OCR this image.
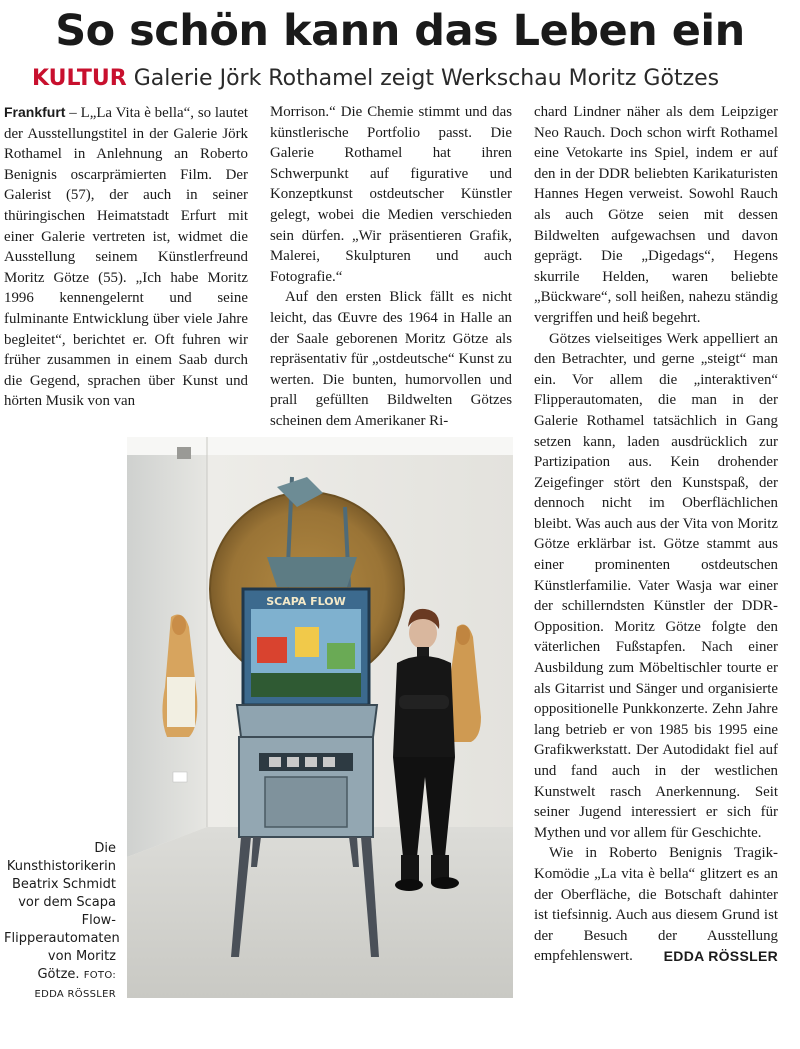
So schön kann das Leben ein
KULTUR Galerie Jörk Rothamel zeigt Werkschau Moritz Götzes

Frankfurt – L„La Vita è bella“, so lautet der Ausstellungstitel in der Galerie Jörk Rothamel in Anlehnung an Roberto Benignis oscarprämierten Film. Der Galerist (57), der auch in seiner thüringischen Heimatstadt Erfurt mit einer Galerie vertreten ist, widmet die Ausstellung seinem Künstlerfreund Moritz Götze (55). „Ich habe Moritz 1996 kennengelernt und seine fulminante Entwicklung über viele Jahre begleitet“, berichtet er. Oft fuhren wir früher zusammen in einem Saab durch die Gegend, sprachen über Kunst und hörten Musik von van

Morrison.“ Die Chemie stimmt und das künstlerische Portfolio passt. Die Galerie Rothamel hat ihren Schwerpunkt auf figurative und Konzeptkunst ostdeutscher Künstler gelegt, wobei die Medien verschieden sein dürfen. „Wir präsentieren Grafik, Malerei, Skulpturen und auch Fotografie.“

Auf den ersten Blick fällt es nicht leicht, das Œuvre des 1964 in Halle an der Saale geborenen Moritz Götze als repräsentativ für „ostdeutsche“ Kunst zu werten. Die bunten, humorvollen und prall gefüllten Bildwelten Götzes scheinen dem Amerikaner Ri-

chard Lindner näher als dem Leipziger Neo Rauch. Doch schon wirft Rothamel eine Vetokarte ins Spiel, indem er auf den in der DDR beliebten Karikaturisten Hannes Hegen verweist. Sowohl Rauch als auch Götze seien mit dessen Bildwelten aufgewachsen und davon geprägt. Die „Digedags“, Hegens skurrile Helden, waren beliebte „Bückware“, soll heißen, nahezu ständig vergriffen und heiß begehrt.

Götzes vielseitiges Werk appelliert an den Betrachter, und gerne „steigt“ man ein. Vor allem die „interaktiven“ Flipperautomaten, die man in der Galerie Rothamel tatsächlich in Gang setzen kann, laden ausdrücklich zur Partizipation aus. Kein drohender Zeigefinger stört den Kunstspaß, der dennoch nicht im Oberflächlichen bleibt. Was auch aus der Vita von Moritz Götze erklärbar ist. Götze stammt aus einer prominenten ostdeutschen Künstlerfamilie. Vater Wasja war einer der schillerndsten Künstler der DDR-Opposition. Moritz Götze folgte den väterlichen Fußstapfen. Nach einer Ausbildung zum Möbeltischler tourte er als Gitarrist und Sänger und organisierte oppositionelle Punkkonzerte. Zehn Jahre lang betrieb er von 1985 bis 1995 eine Grafikwerkstatt. Der Autodidakt fiel auf und fand auch in der westlichen Kunstwelt rasch Anerkennung. Seit seiner Jugend interessiert er sich für Mythen und vor allem für Geschichte.

Wie in Roberto Benignis Tragik-Komödie „La vita è bella“ glitzert es an der Oberfläche, die Botschaft dahinter ist tiefsinnig. Auch aus diesem Grund ist der Besuch der Ausstellung empfehlenswert.	EDDA RÖSSLER

SCAPA FLOW
Die Kunsthistorikerin Beatrix Schmidt vor dem Scapa Flow-Flipperautomaten von Moritz Götze. FOTO:
EDDA RÖSSLER
